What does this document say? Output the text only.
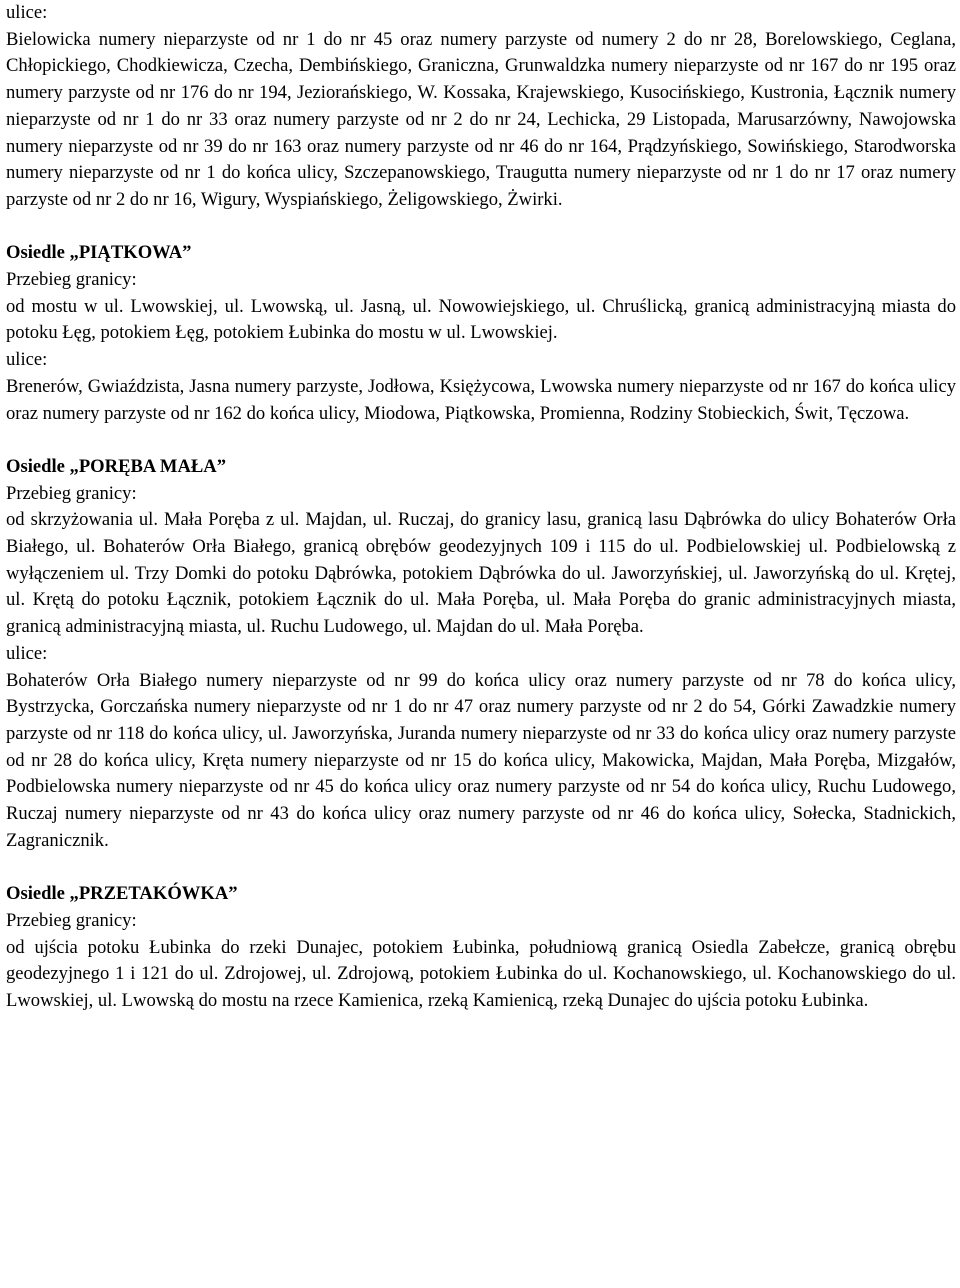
ulice:

Bielowicka numery nieparzyste od nr 1 do nr 45 oraz numery parzyste od numery 2 do nr 28, Borelowskiego, Ceglana, Chłopickiego, Chodkiewicza, Czecha, Dembińskiego, Graniczna, Grunwaldzka numery nieparzyste od nr 167 do nr 195 oraz numery parzyste od nr 176 do nr 194, Jeziorańskiego, W. Kossaka, Krajewskiego, Kusocińskiego, Kustronia, Łącznik numery nieparzyste od nr 1 do nr 33 oraz numery parzyste od nr 2 do nr 24, Lechicka, 29 Listopada, Marusarzówny, Nawojowska numery nieparzyste od nr 39 do nr 163 oraz numery parzyste od nr 46 do nr 164, Prądzyńskiego, Sowińskiego, Starodworska numery nieparzyste od nr 1 do końca ulicy, Szczepanowskiego, Traugutta numery nieparzyste od nr 1 do nr 17 oraz numery parzyste od nr 2 do nr 16, Wigury, Wyspiańskiego, Żeligowskiego, Żwirki.

Osiedle „PIĄTKOWA”

Przebieg granicy:

od mostu w ul. Lwowskiej, ul. Lwowską, ul. Jasną, ul. Nowowiejskiego, ul. Chruślicką, granicą administracyjną miasta do potoku Łęg, potokiem Łęg, potokiem Łubinka do mostu w ul. Lwowskiej.

ulice:

Brenerów, Gwiaździsta, Jasna numery parzyste, Jodłowa, Księżycowa, Lwowska numery nieparzyste od nr 167 do końca ulicy oraz numery parzyste od nr 162 do końca ulicy, Miodowa, Piątkowska, Promienna, Rodziny Stobieckich, Świt, Tęczowa.

Osiedle „PORĘBA MAŁA”

Przebieg granicy:

od skrzyżowania ul. Mała Poręba z ul. Majdan, ul. Ruczaj, do granicy lasu, granicą lasu Dąbrówka do ulicy Bohaterów Orła Białego, ul. Bohaterów Orła Białego, granicą obrębów geodezyjnych 109 i 115 do ul. Podbielowskiej ul. Podbielowską z wyłączeniem ul. Trzy Domki do potoku Dąbrówka, potokiem Dąbrówka do ul. Jaworzyńskiej, ul. Jaworzyńską do ul. Krętej, ul. Krętą do potoku Łącznik, potokiem Łącznik do ul. Mała Poręba, ul. Mała Poręba do granic administracyjnych miasta, granicą administracyjną miasta, ul. Ruchu Ludowego, ul. Majdan do ul. Mała Poręba.

ulice:

Bohaterów Orła Białego numery nieparzyste od nr 99 do końca ulicy oraz numery parzyste od nr 78 do końca ulicy, Bystrzycka, Gorczańska numery nieparzyste od nr 1 do nr 47 oraz numery parzyste od nr 2 do 54, Górki Zawadzkie numery parzyste od nr 118 do końca ulicy, ul. Jaworzyńska, Juranda numery nieparzyste od nr 33 do końca ulicy oraz numery parzyste od nr 28 do końca ulicy, Kręta numery nieparzyste od nr 15 do końca ulicy, Makowicka, Majdan, Mała Poręba, Mizgałów, Podbielowska numery nieparzyste od nr 45 do końca ulicy oraz numery parzyste od nr 54 do końca ulicy, Ruchu Ludowego, Ruczaj numery nieparzyste od nr 43 do końca ulicy oraz numery parzyste od nr 46 do końca ulicy, Sołecka, Stadnickich, Zagranicznik.

Osiedle „PRZETAKÓWKA”

Przebieg granicy:

od ujścia potoku Łubinka do rzeki Dunajec, potokiem Łubinka, południową granicą Osiedla Zabełcze, granicą obrębu geodezyjnego 1 i 121 do ul. Zdrojowej, ul. Zdrojową, potokiem Łubinka do ul. Kochanowskiego, ul. Kochanowskiego do ul. Lwowskiej, ul. Lwowską do mostu na rzece Kamienica, rzeką Kamienicą, rzeką Dunajec do ujścia potoku Łubinka.
